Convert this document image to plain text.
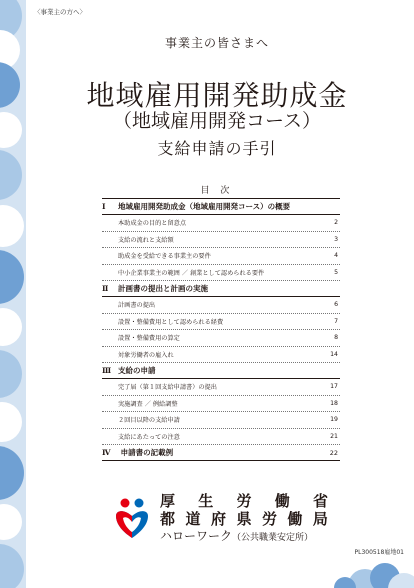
〈事業主の方へ〉
事業主の皆さまへ
地域雇用開発助成金
（地域雇用開発コース）
支給申請の手引
目 次
Ⅰ	地域雇用開発助成金（地域雇用開発コース）の概要
本助成金の目的と留意点	2
支給の流れと支給額	3
助成金を受給できる事業主の要件	4
中小企業事業主の範囲 ／ 創業として認められる要件	5
Ⅱ	計画書の提出と計画の実施
計画書の提出	6
設置・整備費用として認められる経費	7
設置・整備費用の算定	8
対象労働者の雇入れ	14
Ⅲ 支給の申請
完了届（第１回支給申請書）の提出	17
実施調査 ／ 例給調整	18
２回目以降の支給申請	19
支給にあたっての注意	21
Ⅳ 申請書の記載例	22
厚 生 労 働 省
都 道 府 県 労 働 局
ハローワーク（公共職業安定所）
PL300518雇地01
